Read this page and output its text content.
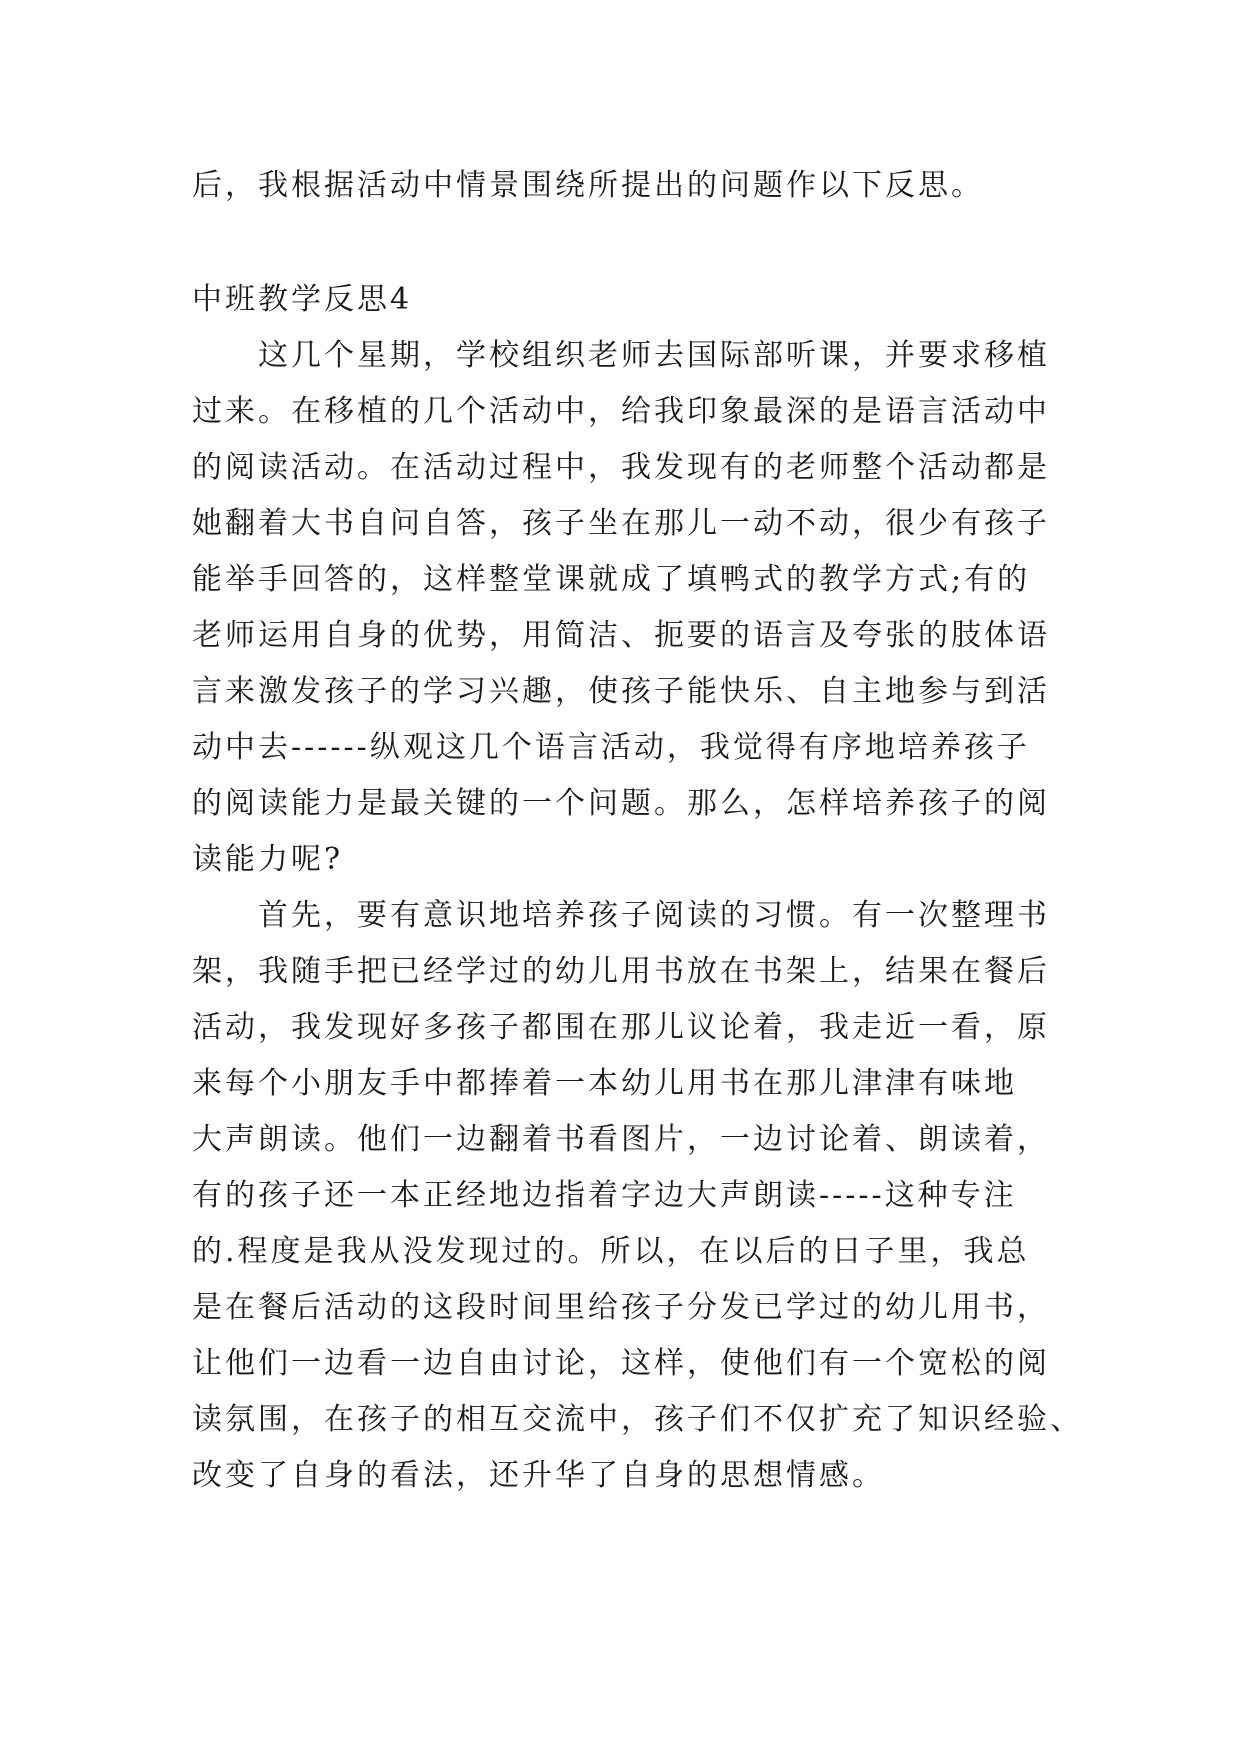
后，我根据活动中情景围绕所提出的问题作以下反思。
中班教学反思4
这几个星期，学校组织老师去国际部听课，并要求移植
过来。在移植的几个活动中，给我印象最深的是语言活动中
的阅读活动。在活动过程中，我发现有的老师整个活动都是
她翻着大书自问自答，孩子坐在那儿一动不动，很少有孩子
能举手回答的，这样整堂课就成了填鸭式的教学方式;有的
老师运用自身的优势，用简洁、扼要的语言及夸张的肢体语
言来激发孩子的学习兴趣，使孩子能快乐、自主地参与到活
动中去------纵观这几个语言活动，我觉得有序地培养孩子
的阅读能力是最关键的一个问题。那么，怎样培养孩子的阅
读能力呢?
首先，要有意识地培养孩子阅读的习惯。有一次整理书
架，我随手把已经学过的幼儿用书放在书架上，结果在餐后
活动，我发现好多孩子都围在那儿议论着，我走近一看，原
来每个小朋友手中都捧着一本幼儿用书在那儿津津有味地
大声朗读。他们一边翻着书看图片，一边讨论着、朗读着，
有的孩子还一本正经地边指着字边大声朗读-----这种专注
的.程度是我从没发现过的。所以，在以后的日子里，我总
是在餐后活动的这段时间里给孩子分发已学过的幼儿用书，
让他们一边看一边自由讨论，这样，使他们有一个宽松的阅
读氛围，在孩子的相互交流中，孩子们不仅扩充了知识经验、
改变了自身的看法，还升华了自身的思想情感。
